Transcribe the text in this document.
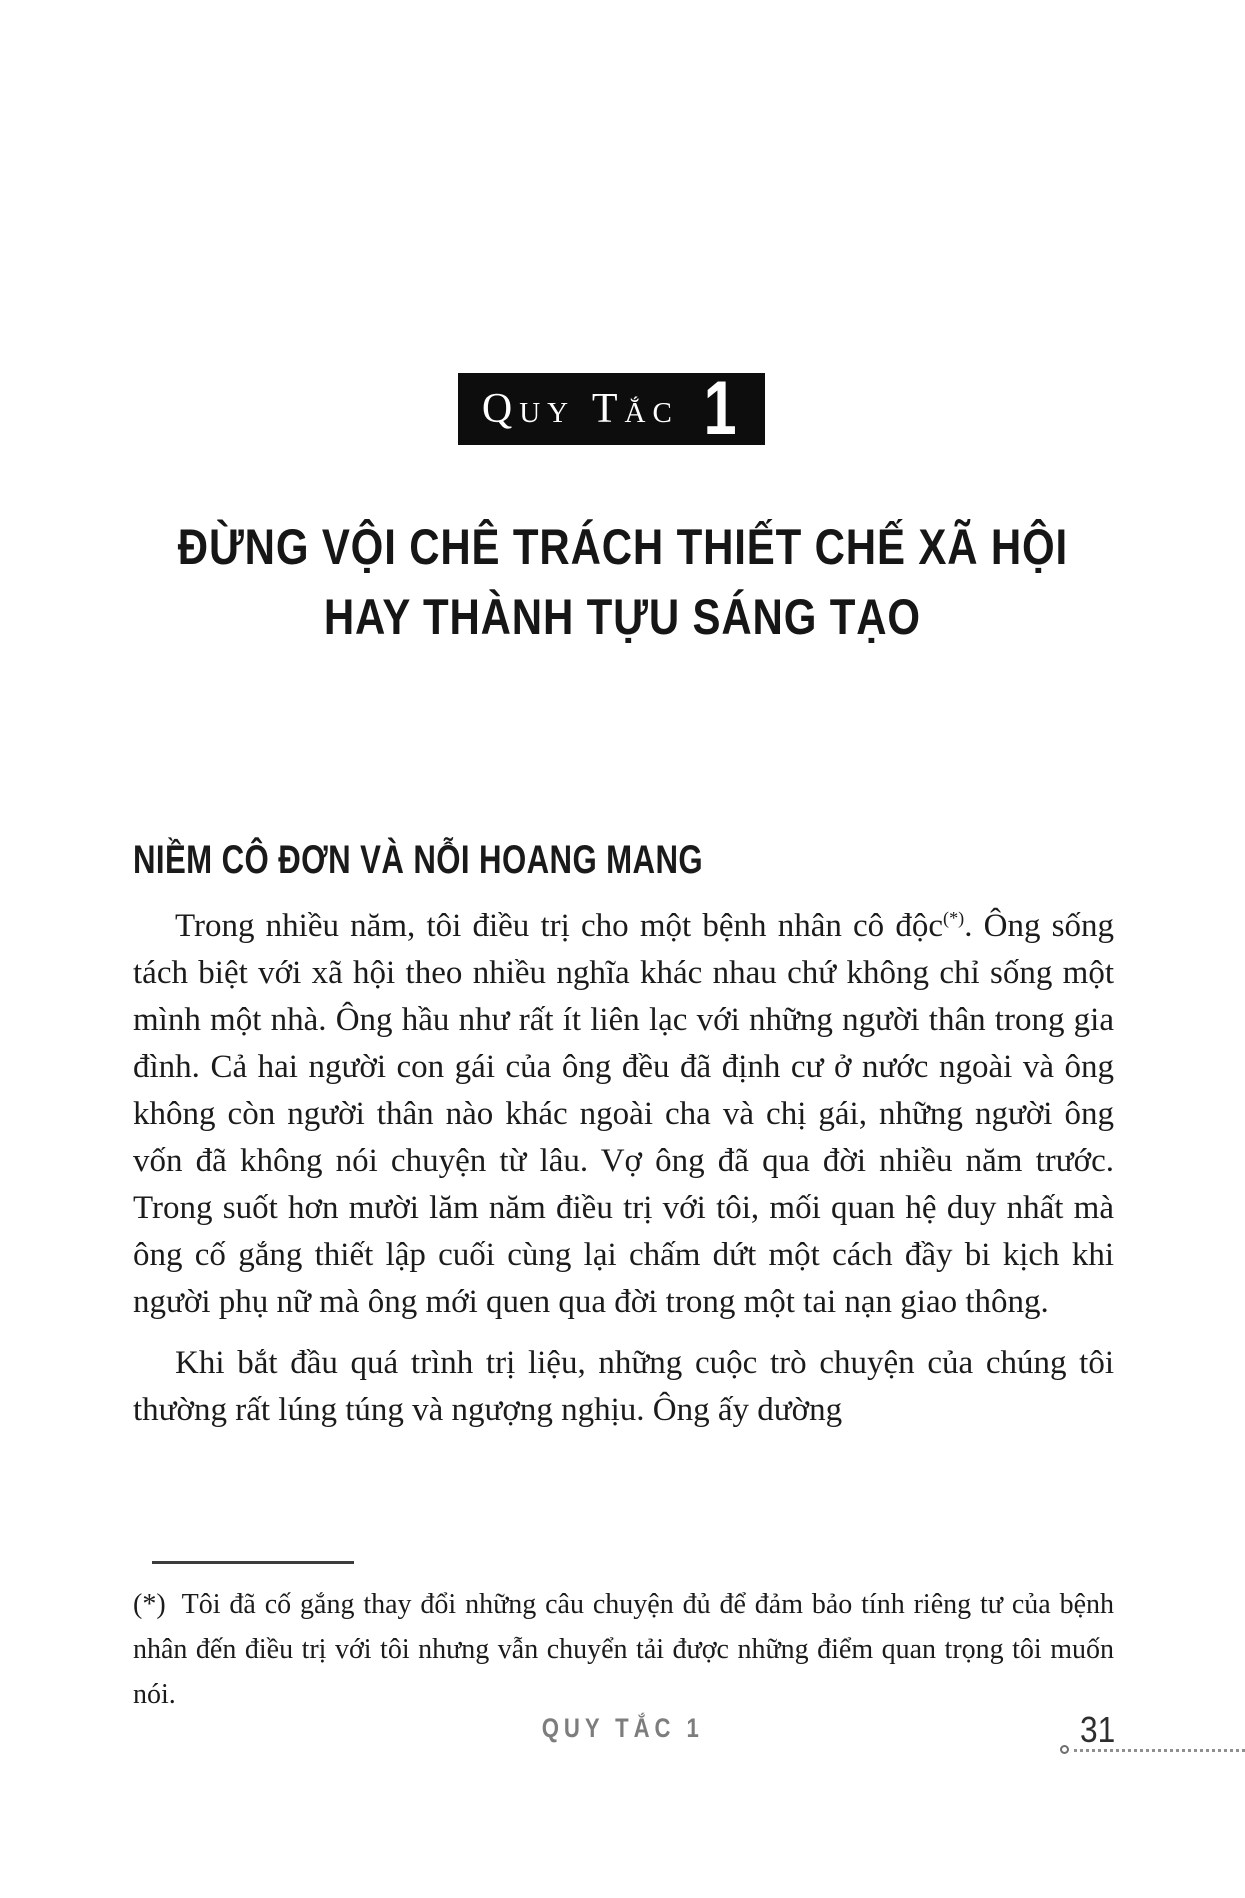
Quy Tắc 1
ĐỪNG VỘI CHÊ TRÁCH THIẾT CHẾ XÃ HỘI
HAY THÀNH TỰU SÁNG TẠO
NIỀM CÔ ĐƠN VÀ NỖI HOANG MANG

Trong nhiều năm, tôi điều trị cho một bệnh nhân cô độc(*). Ông sống tách biệt với xã hội theo nhiều nghĩa khác nhau chứ không chỉ sống một mình một nhà. Ông hầu như rất ít liên lạc với những người thân trong gia đình. Cả hai người con gái của ông đều đã định cư ở nước ngoài và ông không còn người thân nào khác ngoài cha và chị gái, những người ông vốn đã không nói chuyện từ lâu. Vợ ông đã qua đời nhiều năm trước. Trong suốt hơn mười lăm năm điều trị với tôi, mối quan hệ duy nhất mà ông cố gắng thiết lập cuối cùng lại chấm dứt một cách đầy bi kịch khi người phụ nữ mà ông mới quen qua đời trong một tai nạn giao thông.

Khi bắt đầu quá trình trị liệu, những cuộc trò chuyện của chúng tôi thường rất lúng túng và ngượng nghịu. Ông ấy dường

(*) Tôi đã cố gắng thay đổi những câu chuyện đủ để đảm bảo tính riêng tư của bệnh nhân đến điều trị với tôi nhưng vẫn chuyển tải được những điểm quan trọng tôi muốn nói.
QUY TẮC 1	31
